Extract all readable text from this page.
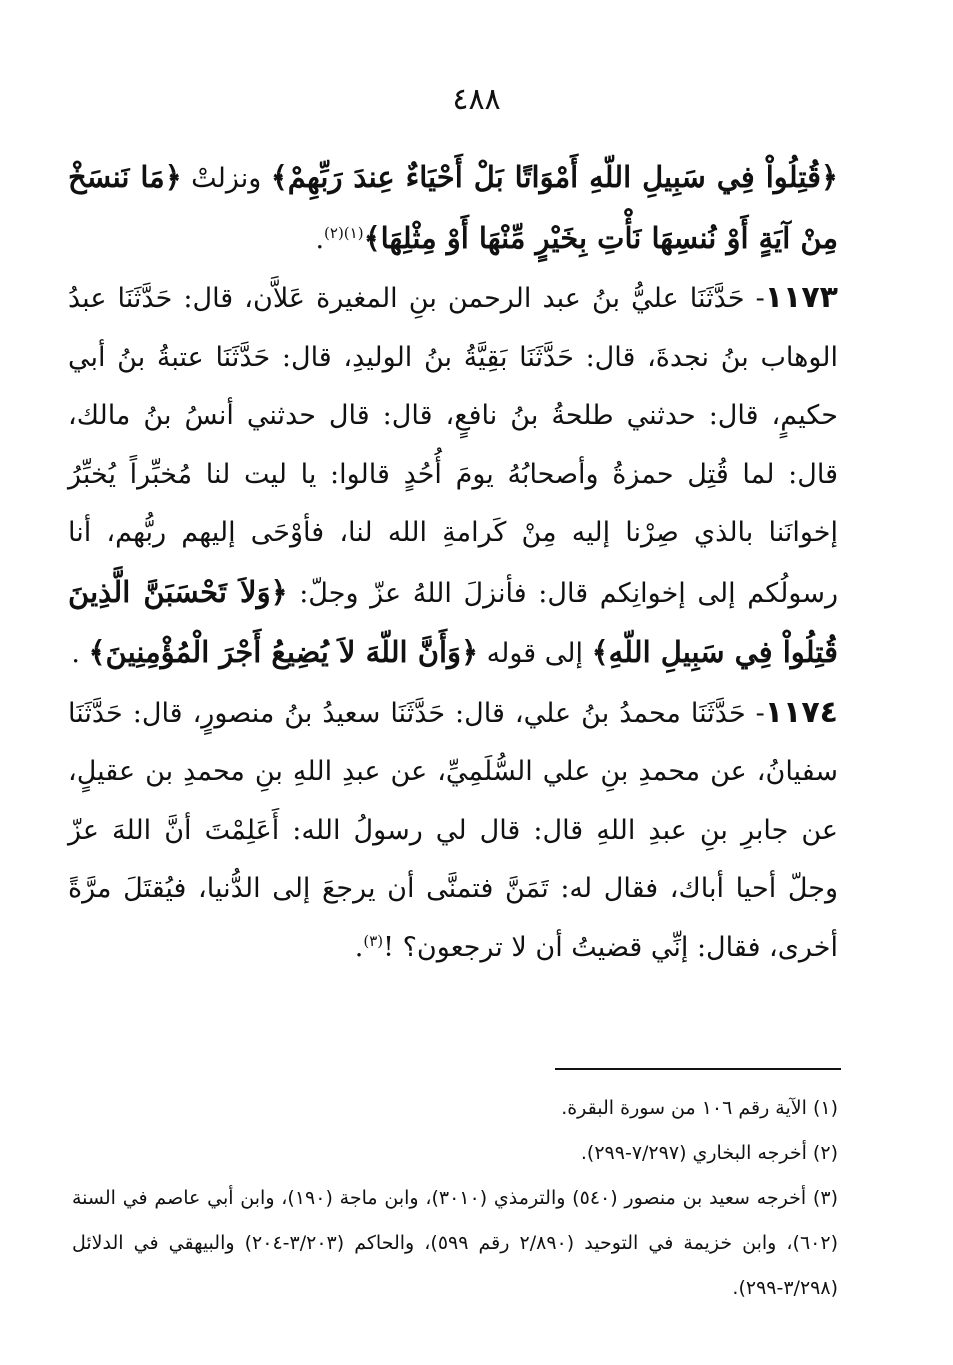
٤٨٨

﴿قُتِلُواْ فِي سَبِيلِ اللّهِ أَمْوَاتًا بَلْ أَحْيَاءٌ عِندَ رَبِّهِمْ﴾ ونزلتْ ﴿مَا نَنسَخْ مِنْ آيَةٍ أَوْ نُنسِهَا نَأْتِ بِخَيْرٍ مِّنْهَا أَوْ مِثْلِهَا﴾$^{(١)(٢)}$.

١١٧٣- حَدَّثَنَا عليُّ بنُ عبد الرحمن بنِ المغيرة عَلاَّن، قال: حَدَّثَنَا عبدُ الوهاب بنُ نجدةَ، قال: حَدَّثَنَا بَقِيَّةُ بنُ الوليدِ، قال: حَدَّثَنَا عتبةُ بنُ أبي حكيمٍ، قال: حدثني طلحةُ بنُ نافعٍ، قال: قال حدثني أنسُ بنُ مالك، قال: لما قُتِل حمزةُ وأصحابُهُ يومَ أُحُدٍ قالوا: يا ليت لنا مُخبِّراً يُخبِّرُ إخوانَنا بالذي صِرْنا إليه مِنْ كَرامةِ الله لنا، فأوْحَى إليهم ربُّهم، أنا رسولُكم إلى إخوانِكم قال: فأنزلَ اللهُ عزّ وجلّ: ﴿وَلاَ تَحْسَبَنَّ الَّذِينَ قُتِلُواْ فِي سَبِيلِ اللّهِ﴾ إلى قوله ﴿وَأَنَّ اللّهَ لاَ يُضِيعُ أَجْرَ الْمُؤْمِنِينَ﴾ .

١١٧٤- حَدَّثَنَا محمدُ بنُ علي، قال: حَدَّثَنَا سعيدُ بنُ منصورٍ، قال: حَدَّثَنَا سفيانُ، عن محمدِ بنِ علي السُّلَمِيِّ، عن عبدِ اللهِ بنِ محمدِ بن عقيلٍ، عن جابرِ بنِ عبدِ اللهِ قال: قال لي رسولُ الله: أَعَلِمْتَ أنَّ اللهَ عزّ وجلّ أحيا أباك، فقال له: تَمَنَّ فتمنَّى أن يرجعَ إلى الدُّنيا، فيُقتَلَ مرَّةً أخرى، فقال: إنِّي قضيتُ أن لا ترجعون؟ !$^{(٣)}$.

(١) الآية رقم ١٠٦ من سورة البقرة.

(٢) أخرجه البخاري (٧/٢٩٧-٢٩٩).

(٣) أخرجه سعيد بن منصور (٥٤٠) والترمذي (٣٠١٠)، وابن ماجة (١٩٠)، وابن أبي عاصم في السنة (٦٠٢)، وابن خزيمة في التوحيد (٢/٨٩٠ رقم ٥٩٩)، والحاكم (٣/٢٠٣-٢٠٤) والبيهقي في الدلائل (٣/٢٩٨-٢٩٩).
